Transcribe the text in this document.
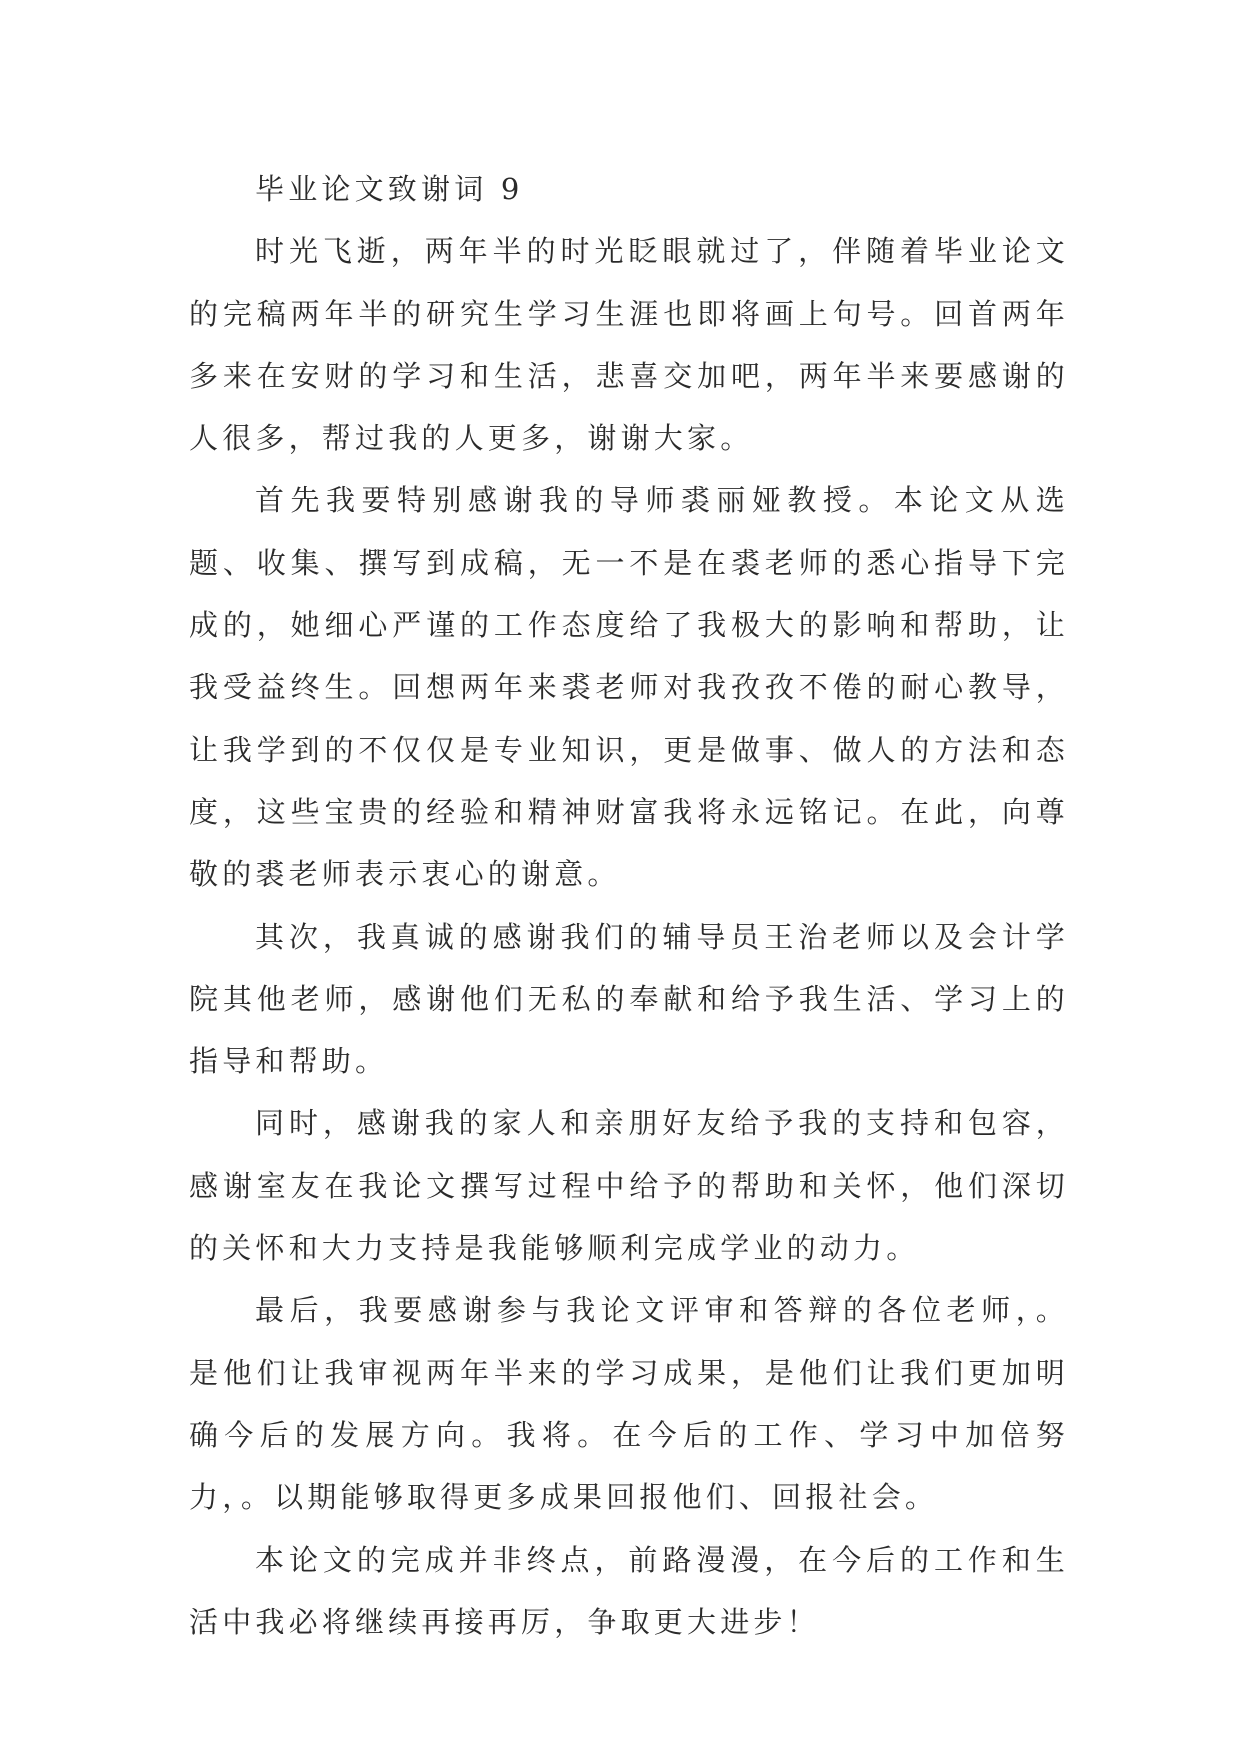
毕业论文致谢词 9

时光飞逝，两年半的时光眨眼就过了，伴随着毕业论文的完稿两年半的研究生学习生涯也即将画上句号。回首两年多来在安财的学习和生活，悲喜交加吧，两年半来要感谢的人很多，帮过我的人更多，谢谢大家。

首先我要特别感谢我的导师裘丽娅教授。本论文从选题、收集、撰写到成稿，无一不是在裘老师的悉心指导下完成的，她细心严谨的工作态度给了我极大的影响和帮助，让我受益终生。回想两年来裘老师对我孜孜不倦的耐心教导，让我学到的不仅仅是专业知识，更是做事、做人的方法和态度，这些宝贵的经验和精神财富我将永远铭记。在此，向尊敬的裘老师表示衷心的谢意。

其次，我真诚的感谢我们的辅导员王治老师以及会计学院其他老师，感谢他们无私的奉献和给予我生活、学习上的指导和帮助。

同时，感谢我的家人和亲朋好友给予我的支持和包容，感谢室友在我论文撰写过程中给予的帮助和关怀，他们深切的关怀和大力支持是我能够顺利完成学业的动力。

最后，我要感谢参与我论文评审和答辩的各位老师，。是他们让我审视两年半来的学习成果，是他们让我们更加明确今后的发展方向。我将。在今后的工作、学习中加倍努力，。以期能够取得更多成果回报他们、回报社会。

本论文的完成并非终点，前路漫漫，在今后的工作和生活中我必将继续再接再厉，争取更大进步！
